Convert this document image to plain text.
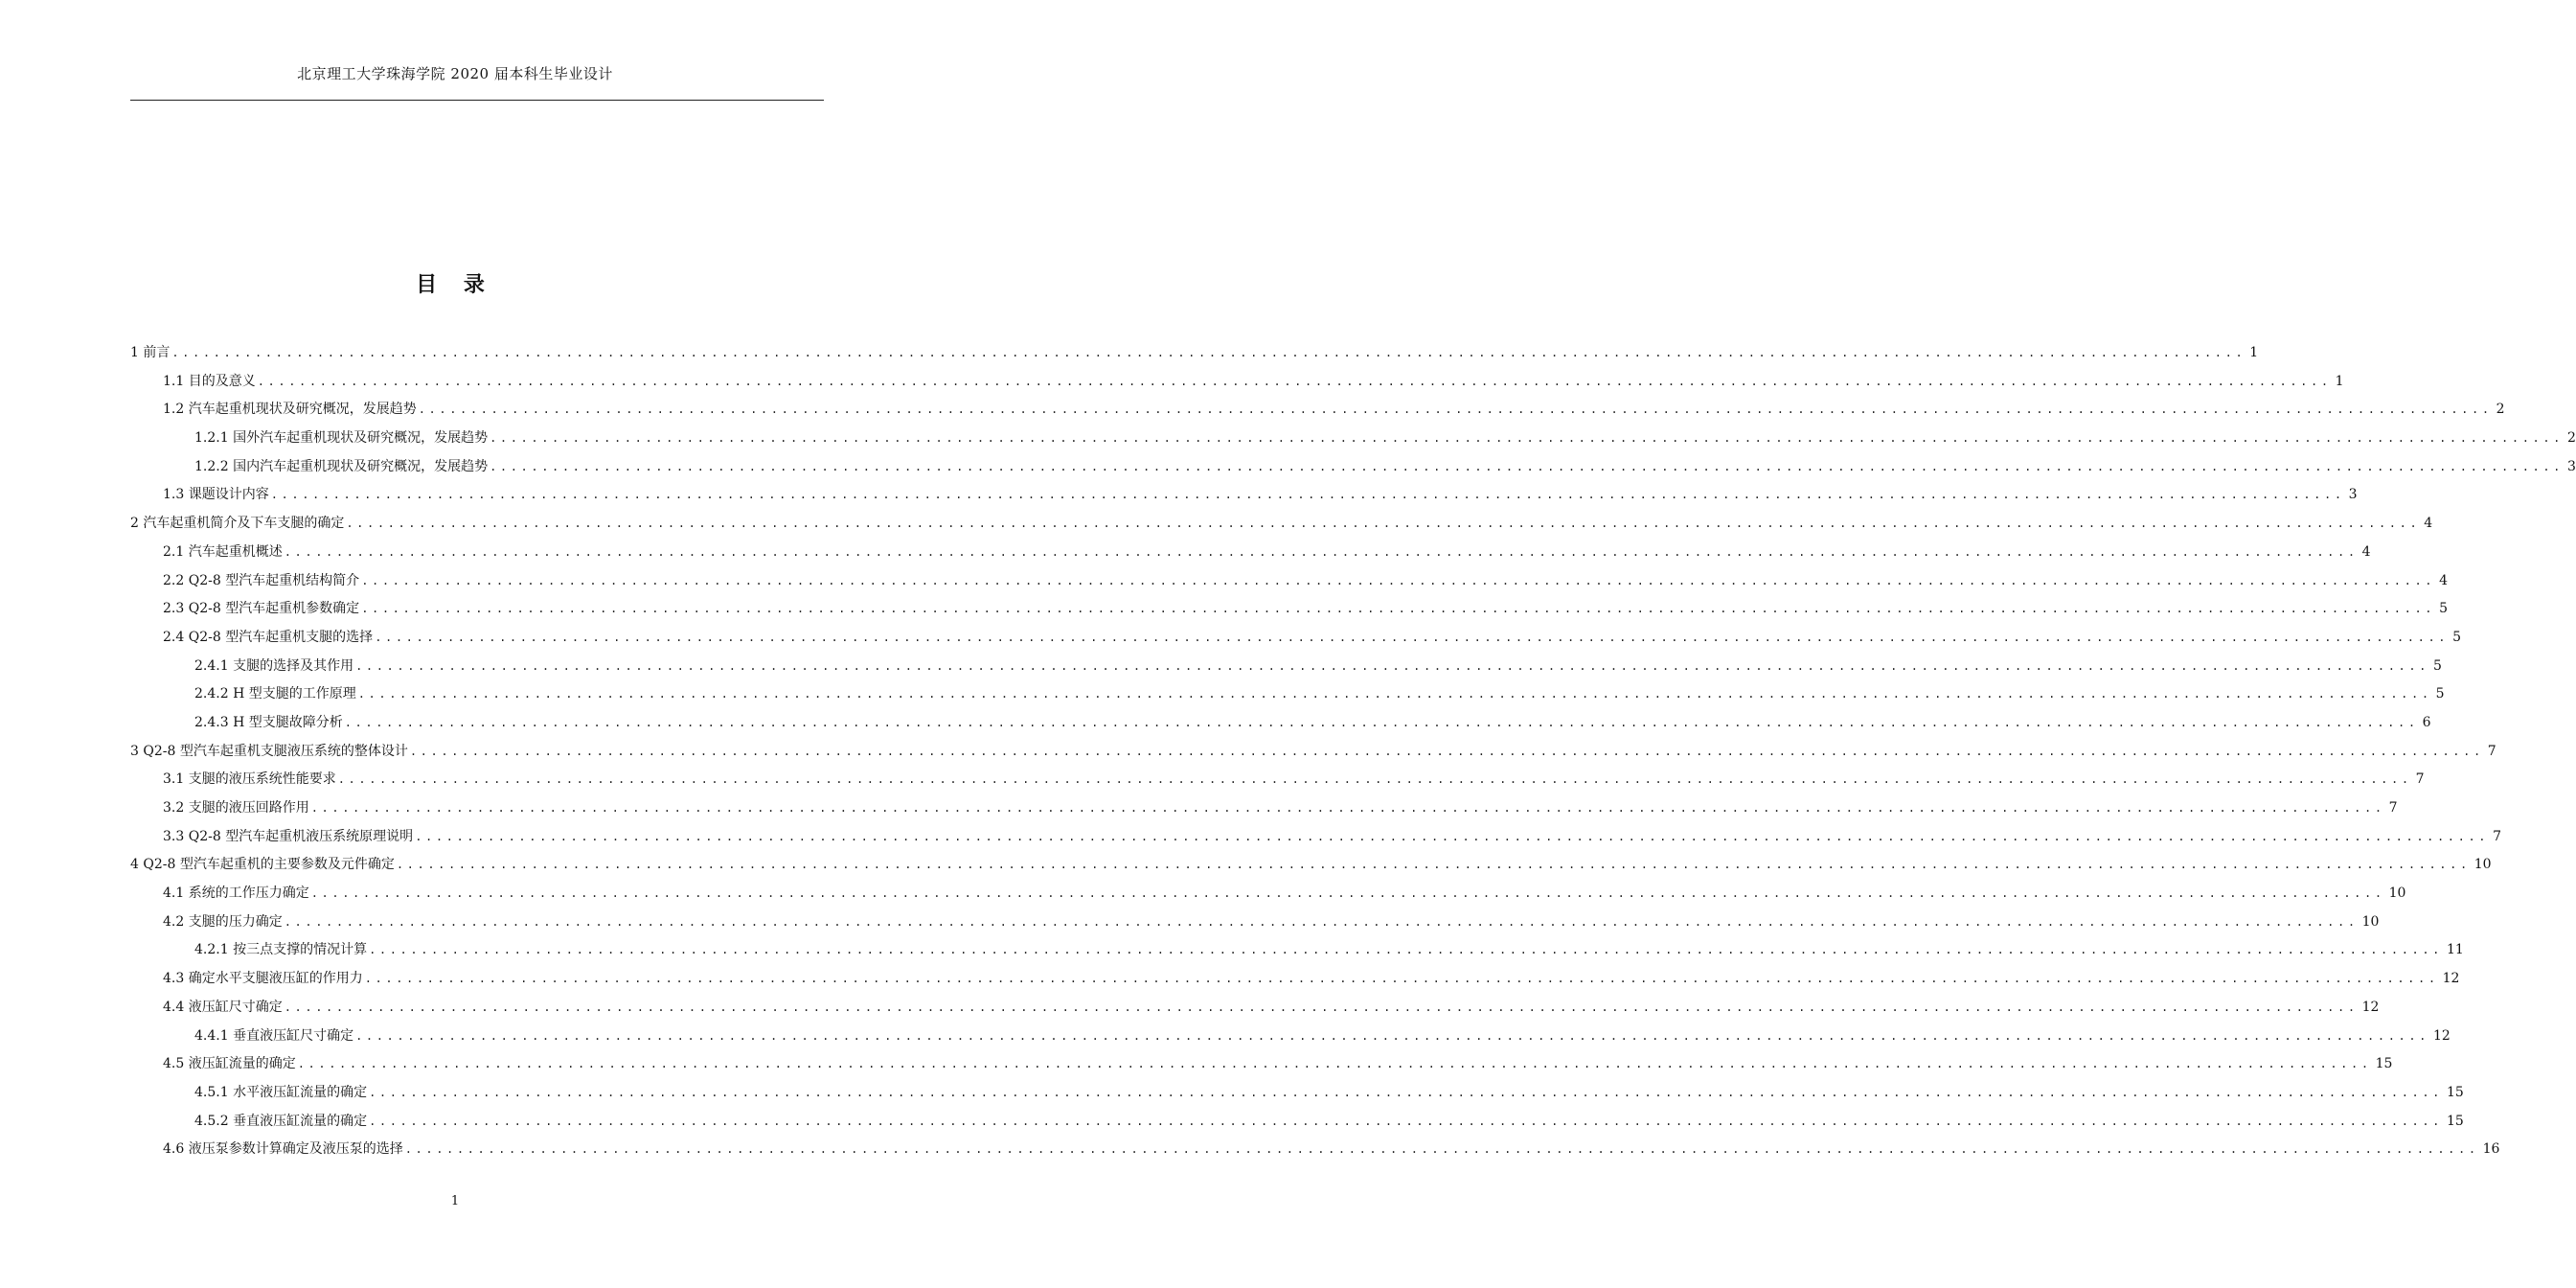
北京理工大学珠海学院 2020 届本科生毕业设计
目 录
1 前言 ........................................................................................................................................................................................................ 1
1.1 目的及意义 ........................................................................................................................................................................................................ 1
1.2 汽车起重机现状及研究概况，发展趋势 ........................................................................................................................................................................................................ 2
1.2.1 国外汽车起重机现状及研究概况，发展趋势 ........................................................................................................................................................................................................ 2
1.2.2 国内汽车起重机现状及研究概况，发展趋势 ........................................................................................................................................................................................................ 3
1.3 课题设计内容 ........................................................................................................................................................................................................ 3
2 汽车起重机简介及下车支腿的确定 ........................................................................................................................................................................................................ 4
2.1 汽车起重机概述 ........................................................................................................................................................................................................ 4
2.2 Q2-8 型汽车起重机结构简介 ........................................................................................................................................................................................................ 4
2.3 Q2-8 型汽车起重机参数确定 ........................................................................................................................................................................................................ 5
2.4 Q2-8 型汽车起重机支腿的选择 ........................................................................................................................................................................................................ 5
2.4.1 支腿的选择及其作用 ........................................................................................................................................................................................................ 5
2.4.2 H 型支腿的工作原理 ........................................................................................................................................................................................................ 5
2.4.3 H 型支腿故障分析 ........................................................................................................................................................................................................ 6
3 Q2-8 型汽车起重机支腿液压系统的整体设计 ........................................................................................................................................................................................................ 7
3.1 支腿的液压系统性能要求 ........................................................................................................................................................................................................ 7
3.2 支腿的液压回路作用 ........................................................................................................................................................................................................ 7
3.3 Q2-8 型汽车起重机液压系统原理说明 ........................................................................................................................................................................................................ 7
4 Q2-8 型汽车起重机的主要参数及元件确定 ........................................................................................................................................................................................................ 10
4.1 系统的工作压力确定 ........................................................................................................................................................................................................ 10
4.2 支腿的压力确定 ........................................................................................................................................................................................................ 10
4.2.1 按三点支撑的情况计算 ........................................................................................................................................................................................................ 11
4.3 确定水平支腿液压缸的作用力 ........................................................................................................................................................................................................ 12
4.4 液压缸尺寸确定 ........................................................................................................................................................................................................ 12
4.4.1 垂直液压缸尺寸确定 ........................................................................................................................................................................................................ 12
4.5 液压缸流量的确定 ........................................................................................................................................................................................................ 15
4.5.1 水平液压缸流量的确定 ........................................................................................................................................................................................................ 15
4.5.2 垂直液压缸流量的确定 ........................................................................................................................................................................................................ 15
4.6 液压泵参数计算确定及液压泵的选择 ........................................................................................................................................................................................................ 16
1
